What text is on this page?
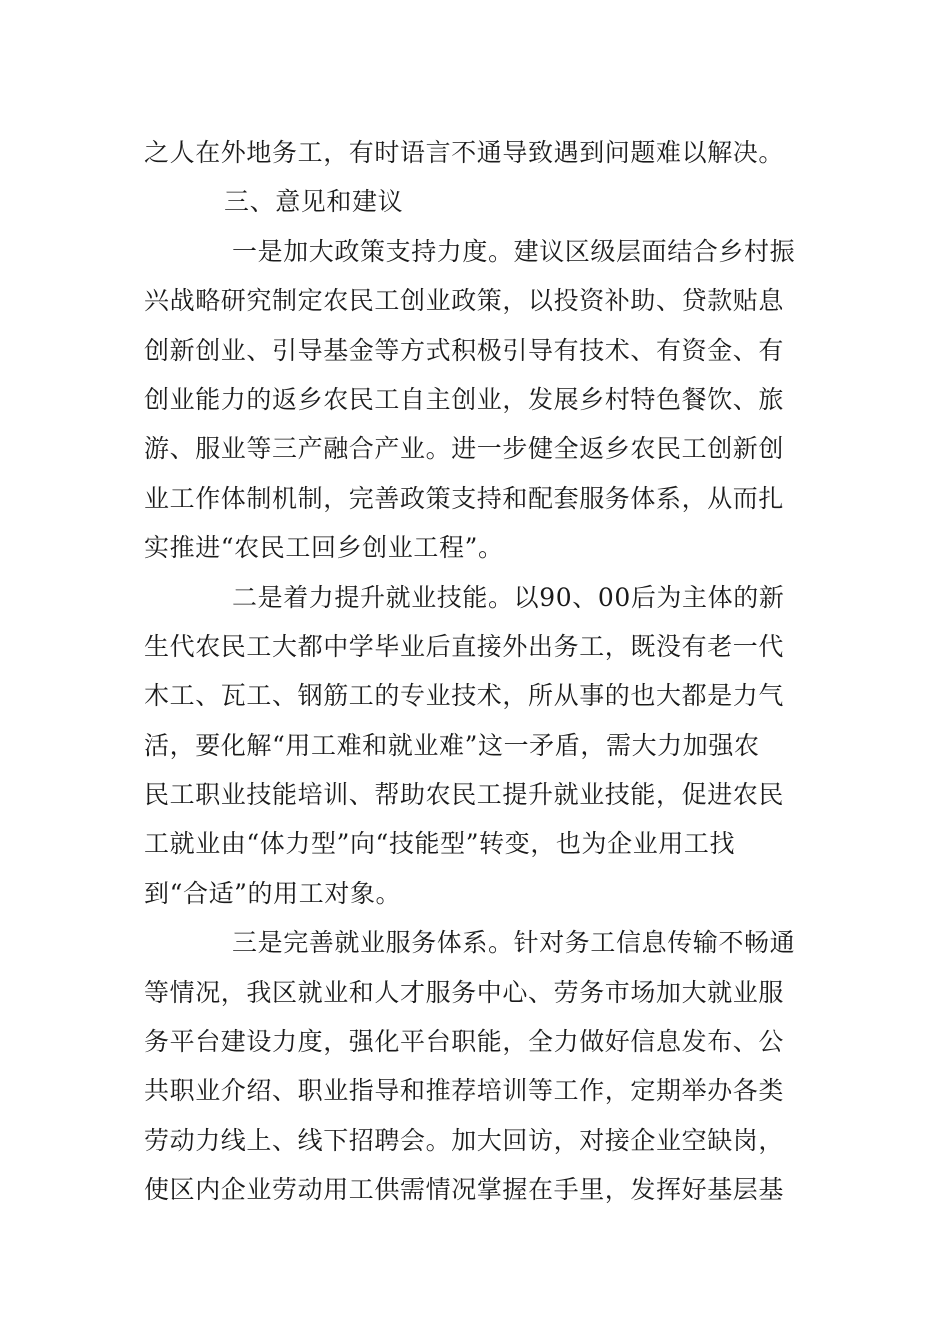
之人在外地务工，有时语言不通导致遇到问题难以解决。
三、意见和建议
一是加大政策支持力度。建议区级层面结合乡村振
兴战略研究制定农民工创业政策，以投资补助、贷款贴息
创新创业、引导基金等方式积极引导有技术、有资金、有
创业能力的返乡农民工自主创业，发展乡村特色餐饮、旅
游、服业等三产融合产业。进一步健全返乡农民工创新创
业工作体制机制，完善政策支持和配套服务体系，从而扎
实推进“农民工回乡创业工程”。
二是着力提升就业技能。以90、00后为主体的新
生代农民工大都中学毕业后直接外出务工，既没有老一代
木工、瓦工、钢筋工的专业技术，所从事的也大都是力气
活，要化解“用工难和就业难”这一矛盾，需大力加强农
民工职业技能培训、帮助农民工提升就业技能，促进农民
工就业由“体力型”向“技能型”转变，也为企业用工找
到“合适”的用工对象。
三是完善就业服务体系。针对务工信息传输不畅通
等情况，我区就业和人才服务中心、劳务市场加大就业服
务平台建设力度，强化平台职能，全力做好信息发布、公
共职业介绍、职业指导和推荐培训等工作，定期举办各类
劳动力线上、线下招聘会。加大回访，对接企业空缺岗，
使区内企业劳动用工供需情况掌握在手里，发挥好基层基
